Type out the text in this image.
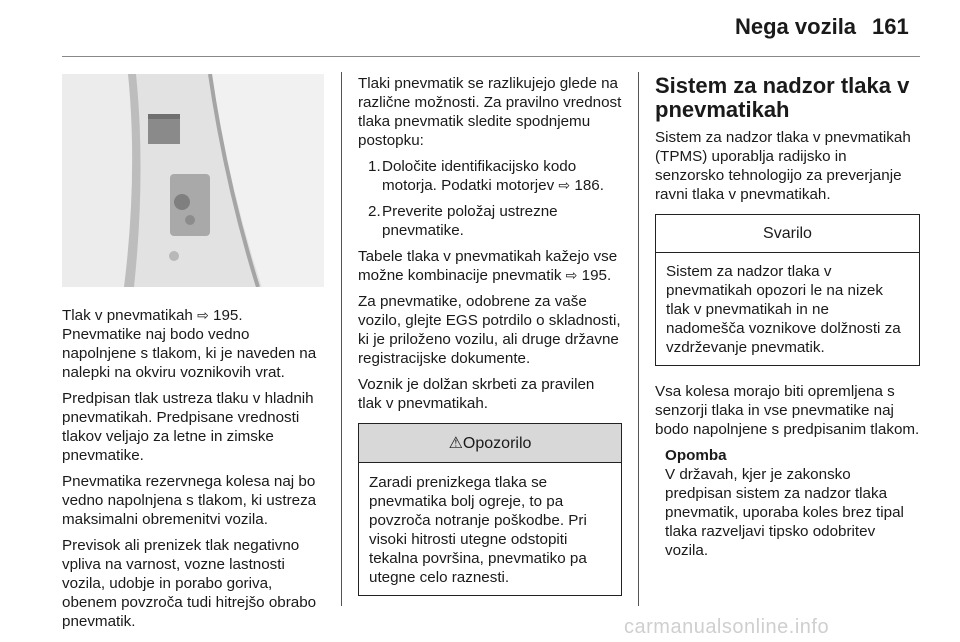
Nega vozila 161

Tlak v pnevmatikah ⇨ 195. Pnevmatike naj bodo vedno napolnjene s tlakom, ki je naveden na nalepki na okviru voznikovih vrat.

Predpisan tlak ustreza tlaku v hladnih pnevmatikah. Predpisane vrednosti tlakov veljajo za letne in zimske pnevmatike.

Pnevmatika rezervnega kolesa naj bo vedno napolnjena s tlakom, ki ustreza maksimalni obremenitvi vozila.

Previsok ali prenizek tlak negativno vpliva na varnost, vozne lastnosti vozila, udobje in porabo goriva, obenem povzroča tudi hitrejšo obrabo pnevmatik.

Tlaki pnevmatik se razlikujejo glede na različne možnosti. Za pravilno vrednost tlaka pnevmatik sledite spodnjemu postopku:

1. Določite identifikacijsko kodo motorja. Podatki motorjev ⇨ 186.
2. Preverite položaj ustrezne pnevmatike.

Tabele tlaka v pnevmatikah kažejo vse možne kombinacije pnevmatik ⇨ 195.

Za pnevmatike, odobrene za vaše vozilo, glejte EGS potrdilo o skladnosti, ki je priloženo vozilu, ali druge državne registracijske dokumente.

Voznik je dolžan skrbeti za pravilen tlak v pnevmatikah.

⚠Opozorilo
Zaradi prenizkega tlaka se pnevmatika bolj ogreje, to pa povzroča notranje poškodbe. Pri visoki hitrosti utegne odstopiti tekalna površina, pnevmatiko pa utegne celo raznesti.
Sistem za nadzor tlaka v pnevmatikah

Sistem za nadzor tlaka v pnevmatikah (TPMS) uporablja radijsko in senzorsko tehnologijo za preverjanje ravni tlaka v pnevmatikah.

Svarilo
Sistem za nadzor tlaka v pnevmatikah opozori le na nizek tlak v pnevmatikah in ne nadomešča voznikove dolžnosti za vzdrževanje pnevmatik.

Vsa kolesa morajo biti opremljena s senzorji tlaka in vse pnevmatike naj bodo napolnjene s predpisanim tlakom.

Opomba
V državah, kjer je zakonsko predpisan sistem za nadzor tlaka pnevmatik, uporaba koles brez tipal tlaka razveljavi tipsko odobritev vozila.
carmanualsonline.info
